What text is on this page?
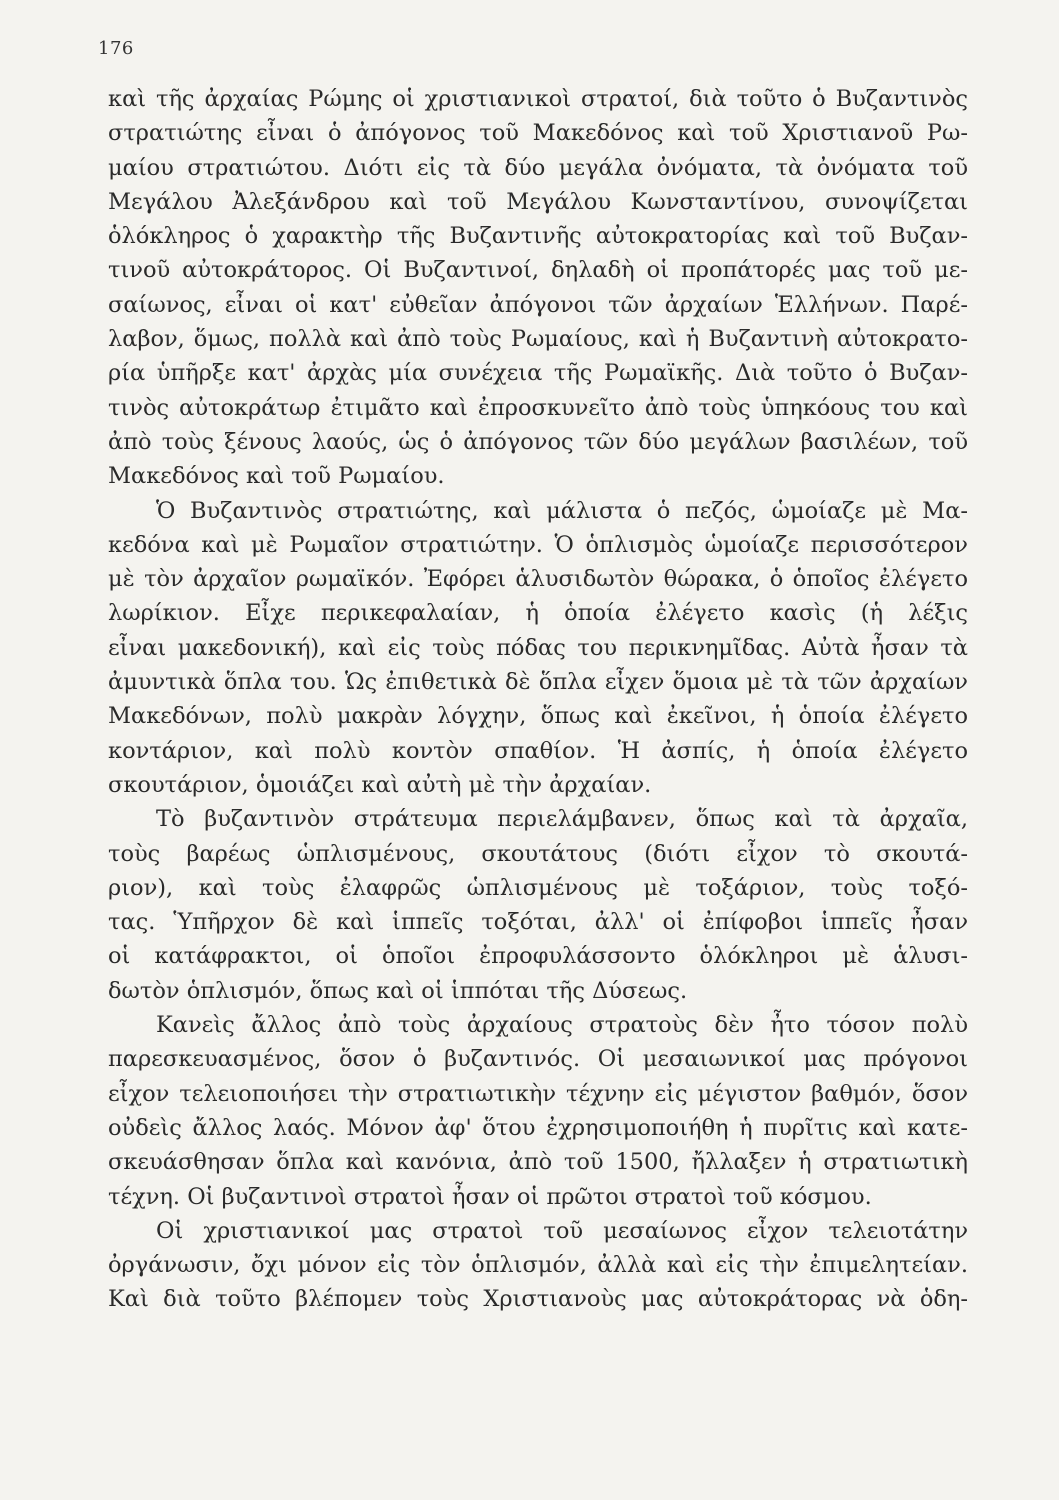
176
καὶ τῆς ἀρχαίας Ρώμης οἱ χριστιανικοὶ στρατοί, διὰ τοῦτο ὁ Βυζαντινὸς
στρατιώτης εἶναι ὁ ἀπόγονος τοῦ Μακεδόνος καὶ τοῦ Χριστιανοῦ Ρω-
μαίου στρατιώτου. Διότι εἰς τὰ δύο μεγάλα ὀνόματα, τὰ ὀνόματα τοῦ
Μεγάλου Ἀλεξάνδρου καὶ τοῦ Μεγάλου Κωνσταντίνου, συνοψίζεται
ὁλόκληρος ὁ χαρακτὴρ τῆς Βυζαντινῆς αὐτοκρατορίας καὶ τοῦ Βυζαν-
τινοῦ αὐτοκράτορος. Οἱ Βυζαντινοί, δηλαδὴ οἱ προπάτορές μας τοῦ με-
σαίωνος, εἶναι οἱ κατ' εὐθεῖαν ἀπόγονοι τῶν ἀρχαίων Ἑλλήνων. Παρέ-
λαβον, ὅμως, πολλὰ καὶ ἀπὸ τοὺς Ρωμαίους, καὶ ἡ Βυζαντινὴ αὐτοκρατο-
ρία ὑπῆρξε κατ' ἀρχὰς μία συνέχεια τῆς Ρωμαϊκῆς. Διὰ τοῦτο ὁ Βυζαν-
τινὸς αὐτοκράτωρ ἐτιμᾶτο καὶ ἐπροσκυνεῖτο ἀπὸ τοὺς ὑπηκόους του καὶ
ἀπὸ τοὺς ξένους λαούς, ὡς ὁ ἀπόγονος τῶν δύο μεγάλων βασιλέων, τοῦ
Μακεδόνος καὶ τοῦ Ρωμαίου.
Ὁ Βυζαντινὸς στρατιώτης, καὶ μάλιστα ὁ πεζός, ὡμοίαζε μὲ Μα-
κεδόνα καὶ μὲ Ρωμαῖον στρατιώτην. Ὁ ὁπλισμὸς ὡμοίαζε περισσότερον
μὲ τὸν ἀρχαῖον ρωμαϊκόν. Ἐφόρει ἁλυσιδωτὸν θώρακα, ὁ ὁποῖος ἐλέγετο
λωρίκιον. Εἶχε περικεφαλαίαν, ἡ ὁποία ἐλέγετο κασὶς (ἡ λέξις
εἶναι μακεδονική), καὶ εἰς τοὺς πόδας του περικνημῖδας. Αὐτὰ ἦσαν τὰ
ἀμυντικὰ ὅπλα του. Ὡς ἐπιθετικὰ δὲ ὅπλα εἶχεν ὅμοια μὲ τὰ τῶν ἀρχαίων
Μακεδόνων, πολὺ μακρὰν λόγχην, ὅπως καὶ ἐκεῖνοι, ἡ ὁποία ἐλέγετο
κοντάριον, καὶ πολὺ κοντὸν σπαθίον. Ἡ ἀσπίς, ἡ ὁποία ἐλέγετο
σκουτάριον, ὁμοιάζει καὶ αὐτὴ μὲ τὴν ἀρχαίαν.
Τὸ βυζαντινὸν στράτευμα περιελάμβανεν, ὅπως καὶ τὰ ἀρχαῖα,
τοὺς βαρέως ὡπλισμένους, σκουτάτους (διότι εἶχον τὸ σκουτά-
ριον), καὶ τοὺς ἐλαφρῶς ὡπλισμένους μὲ τοξάριον, τοὺς τοξό-
τας. Ὑπῆρχον δὲ καὶ ἱππεῖς τοξόται, ἀλλ' οἱ ἐπίφοβοι ἱππεῖς ἦσαν
οἱ κατάφρακτοι, οἱ ὁποῖοι ἐπροφυλάσσοντο ὁλόκληροι μὲ ἁλυσι-
δωτὸν ὁπλισμόν, ὅπως καὶ οἱ ἱππόται τῆς Δύσεως.
Κανεὶς ἄλλος ἀπὸ τοὺς ἀρχαίους στρατοὺς δὲν ἦτο τόσον πολὺ
παρεσκευασμένος, ὅσον ὁ βυζαντινός. Οἱ μεσαιωνικοί μας πρόγονοι
εἶχον τελειοποιήσει τὴν στρατιωτικὴν τέχνην εἰς μέγιστον βαθμόν, ὅσον
οὐδεὶς ἄλλος λαός. Μόνον ἀφ' ὅτου ἐχρησιμοποιήθη ἡ πυρῖτις καὶ κατε-
σκευάσθησαν ὅπλα καὶ κανόνια, ἀπὸ τοῦ 1500, ἤλλαξεν ἡ στρατιωτικὴ
τέχνη. Οἱ βυζαντινοὶ στρατοὶ ἦσαν οἱ πρῶτοι στρατοὶ τοῦ κόσμου.
Οἱ χριστιανικοί μας στρατοὶ τοῦ μεσαίωνος εἶχον τελειοτάτην
ὀργάνωσιν, ὄχι μόνον εἰς τὸν ὁπλισμόν, ἀλλὰ καὶ εἰς τὴν ἐπιμελητείαν.
Καὶ διὰ τοῦτο βλέπομεν τοὺς Χριστιανοὺς μας αὐτοκράτορας νὰ ὁδη-
